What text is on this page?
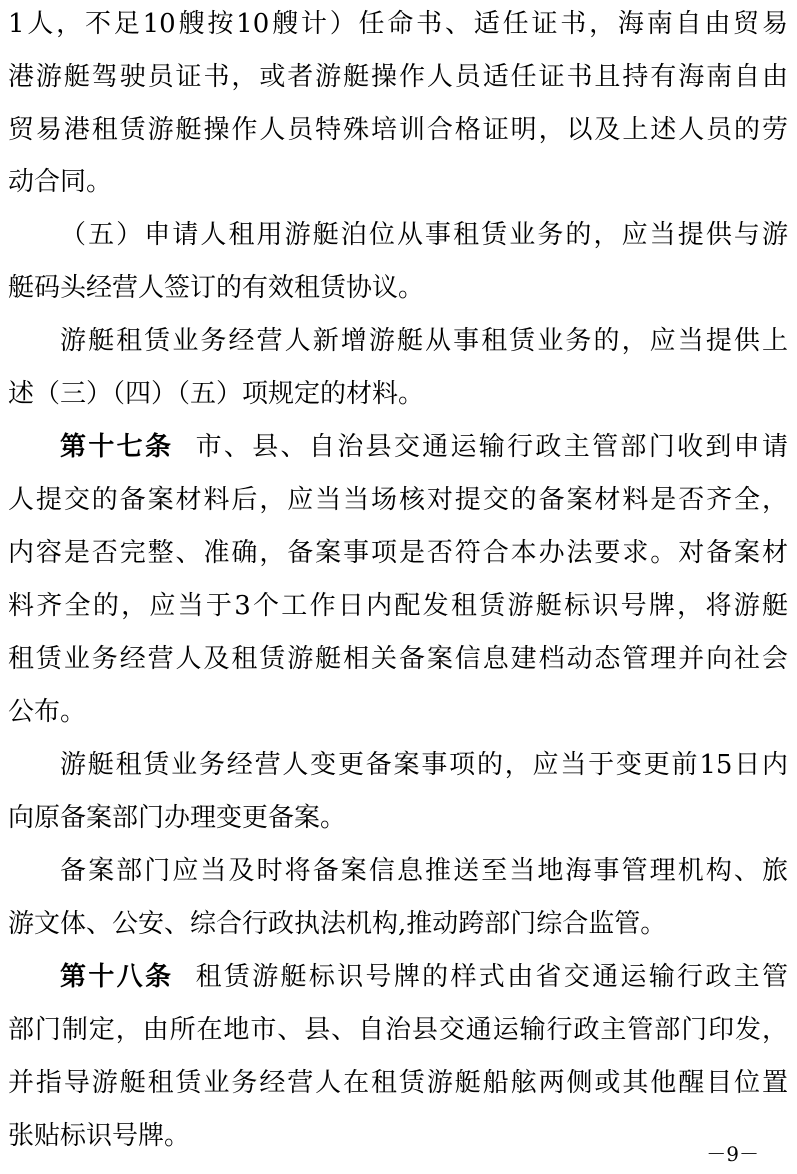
1人，不足10艘按10艘计）任命书、适任证书，海南自由贸易
港游艇驾驶员证书，或者游艇操作人员适任证书且持有海南自由
贸易港租赁游艇操作人员特殊培训合格证明，以及上述人员的劳
动合同。
（五）申请人租用游艇泊位从事租赁业务的，应当提供与游
艇码头经营人签订的有效租赁协议。
游艇租赁业务经营人新增游艇从事租赁业务的，应当提供上
述（三）（四）（五）项规定的材料。
第十七条 市、县、自治县交通运输行政主管部门收到申请
人提交的备案材料后，应当当场核对提交的备案材料是否齐全，
内容是否完整、准确，备案事项是否符合本办法要求。对备案材
料齐全的，应当于3个工作日内配发租赁游艇标识号牌，将游艇
租赁业务经营人及租赁游艇相关备案信息建档动态管理并向社会
公布。
游艇租赁业务经营人变更备案事项的，应当于变更前15日内
向原备案部门办理变更备案。
备案部门应当及时将备案信息推送至当地海事管理机构、旅
游文体、公安、综合行政执法机构,推动跨部门综合监管。
第十八条 租赁游艇标识号牌的样式由省交通运输行政主管
部门制定，由所在地市、县、自治县交通运输行政主管部门印发，
并指导游艇租赁业务经营人在租赁游艇船舷两侧或其他醒目位置
张贴标识号牌。
－9－
